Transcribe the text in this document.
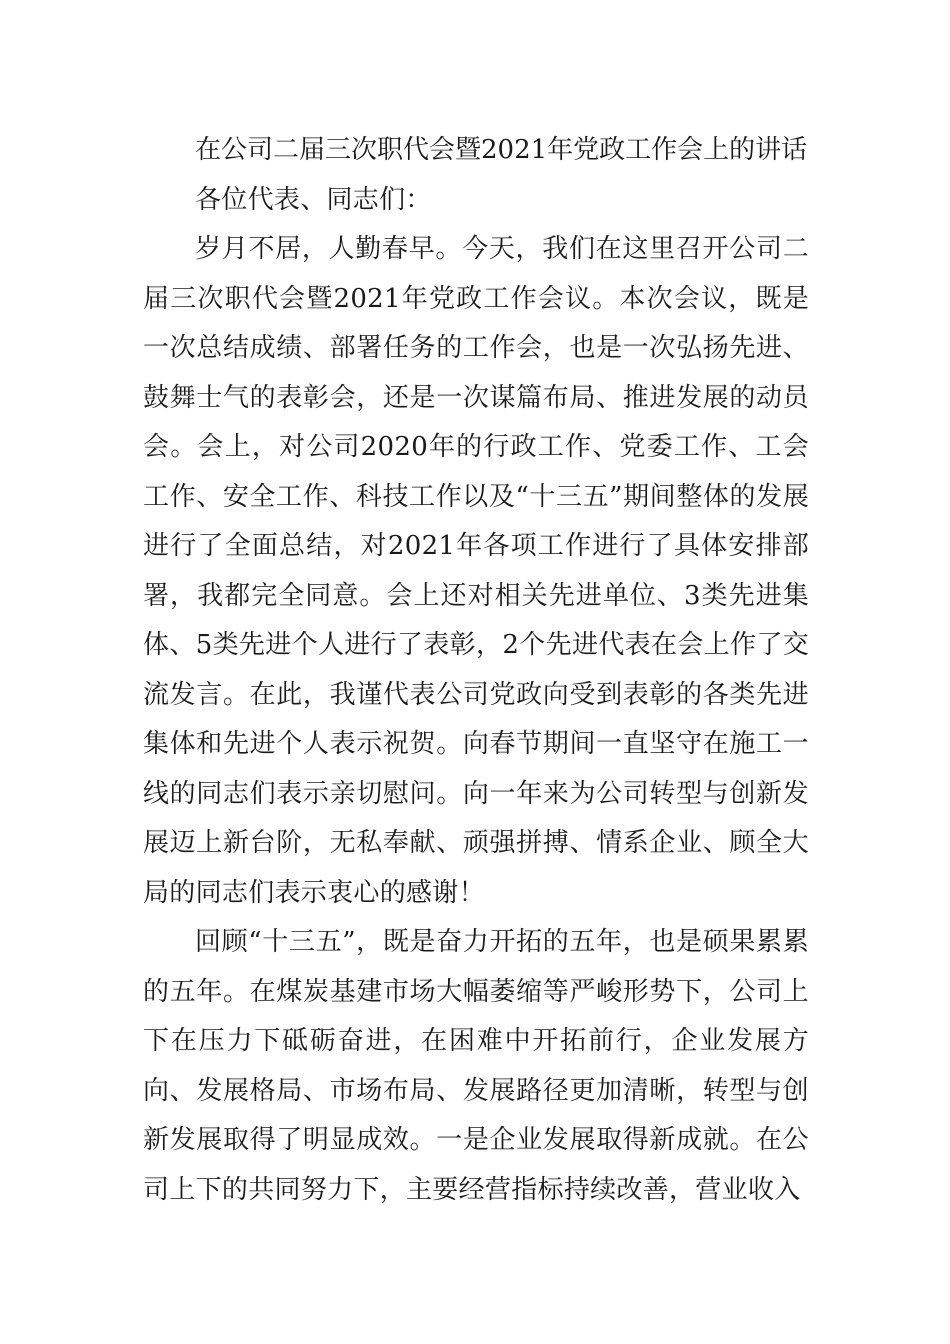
在公司二届三次职代会暨2021年党政工作会上的讲话

各位代表、同志们：

岁月不居，人勤春早。今天，我们在这里召开公司二届三次职代会暨2021年党政工作会议。本次会议，既是一次总结成绩、部署任务的工作会，也是一次弘扬先进、鼓舞士气的表彰会，还是一次谋篇布局、推进发展的动员会。会上，对公司2020年的行政工作、党委工作、工会工作、安全工作、科技工作以及“十三五”期间整体的发展进行了全面总结，对2021年各项工作进行了具体安排部署，我都完全同意。会上还对相关先进单位、3类先进集体、5类先进个人进行了表彰，2个先进代表在会上作了交流发言。在此，我谨代表公司党政向受到表彰的各类先进集体和先进个人表示祝贺。向春节期间一直坚守在施工一线的同志们表示亲切慰问。向一年来为公司转型与创新发展迈上新台阶，无私奉献、顽强拼搏、情系企业、顾全大局的同志们表示衷心的感谢！

回顾“十三五”，既是奋力开拓的五年，也是硕果累累的五年。在煤炭基建市场大幅萎缩等严峻形势下，公司上下在压力下砥砺奋进，在困难中开拓前行，企业发展方向、发展格局、市场布局、发展路径更加清晰，转型与创新发展取得了明显成效。一是企业发展取得新成就。在公司上下的共同努力下，主要经营指标持续改善，营业收入
